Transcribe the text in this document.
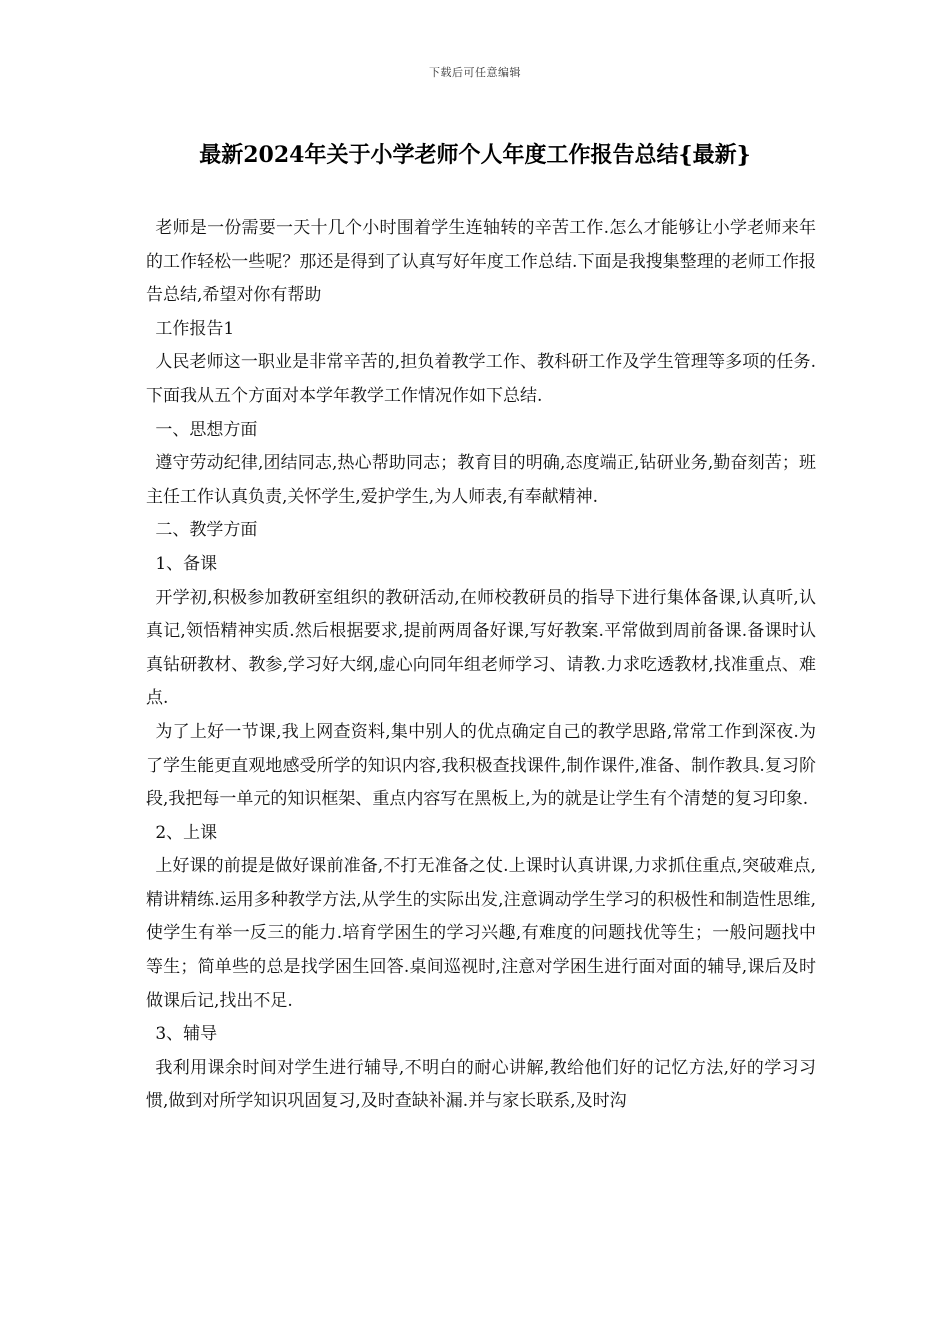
下载后可任意编辑
最新2024年关于小学老师个人年度工作报告总结{最新}

老师是一份需要一天十几个小时围着学生连轴转的辛苦工作.怎么才能够让小学老师来年的工作轻松一些呢？那还是得到了认真写好年度工作总结.下面是我搜集整理的老师工作报告总结,希望对你有帮助

工作报告1

人民老师这一职业是非常辛苦的,担负着教学工作、教科研工作及学生管理等多项的任务.下面我从五个方面对本学年教学工作情况作如下总结.

一、思想方面

遵守劳动纪律,团结同志,热心帮助同志；教育目的明确,态度端正,钻研业务,勤奋刻苦；班主任工作认真负责,关怀学生,爱护学生,为人师表,有奉献精神.

二、教学方面

1、备课

开学初,积极参加教研室组织的教研活动,在师校教研员的指导下进行集体备课,认真听,认真记,领悟精神实质.然后根据要求,提前两周备好课,写好教案.平常做到周前备课.备课时认真钻研教材、教参,学习好大纲,虚心向同年组老师学习、请教.力求吃透教材,找准重点、难点.

为了上好一节课,我上网查资料,集中别人的优点确定自己的教学思路,常常工作到深夜.为了学生能更直观地感受所学的知识内容,我积极查找课件,制作课件,准备、制作教具.复习阶段,我把每一单元的知识框架、重点内容写在黑板上,为的就是让学生有个清楚的复习印象.

2、上课

上好课的前提是做好课前准备,不打无准备之仗.上课时认真讲课,力求抓住重点,突破难点,精讲精练.运用多种教学方法,从学生的实际出发,注意调动学生学习的积极性和制造性思维,使学生有举一反三的能力.培育学困生的学习兴趣,有难度的问题找优等生；一般问题找中等生；简单些的总是找学困生回答.桌间巡视时,注意对学困生进行面对面的辅导,课后及时做课后记,找出不足.

3、辅导

我利用课余时间对学生进行辅导,不明白的耐心讲解,教给他们好的记忆方法,好的学习习惯,做到对所学知识巩固复习,及时查缺补漏.并与家长联系,及时沟
